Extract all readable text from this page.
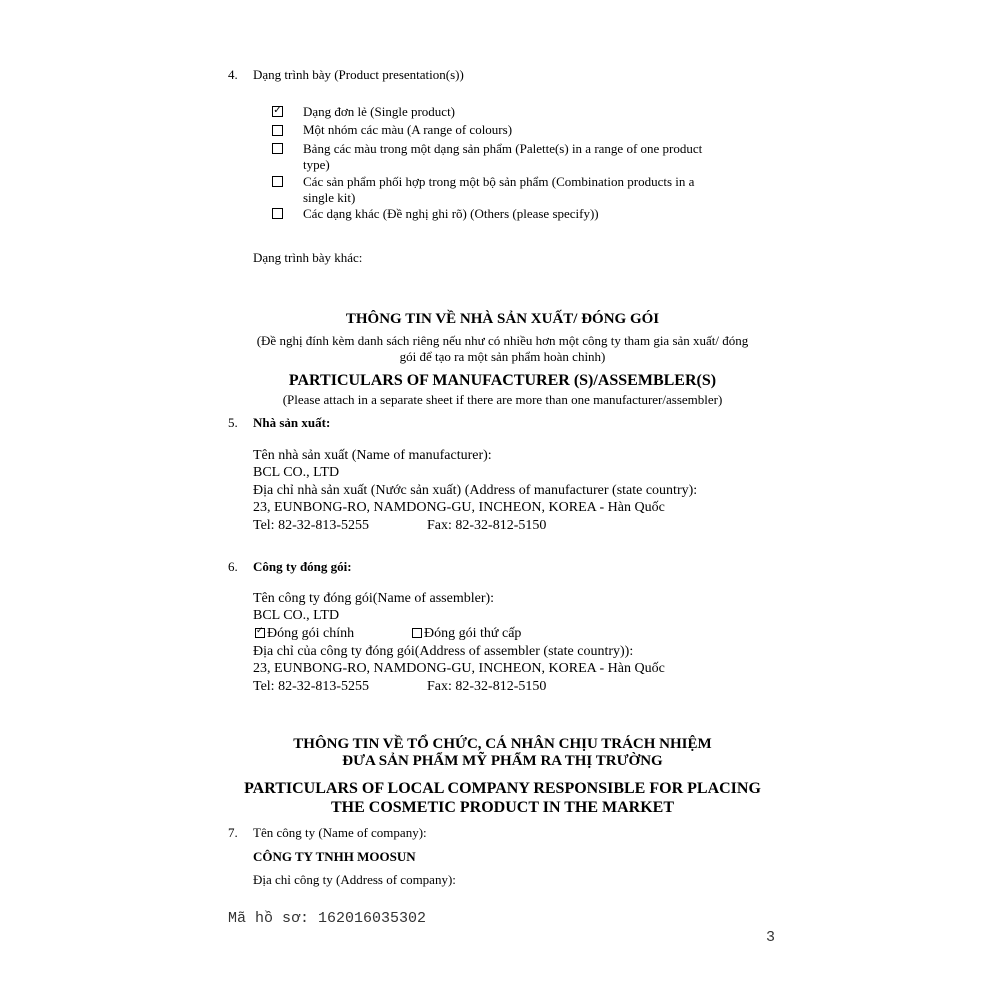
4. Dạng trình bày (Product presentation(s))
✓
Dạng đơn lẻ (Single product)
Một nhóm các màu (A range of colours)
Bảng các màu trong một dạng sản phẩm (Palette(s) in a range of one product
type)
Các sản phẩm phối hợp trong một bộ sản phẩm (Combination products in a
single kit)
Các dạng khác (Đề nghị ghi rõ) (Others (please specify))
Dạng trình bày khác:
THÔNG TIN VỀ NHÀ SẢN XUẤT/ ĐÓNG GÓI
(Đề nghị đính kèm danh sách riêng nếu như có nhiều hơn một công ty tham gia sản xuất/ đóng
gói để tạo ra một sản phẩm hoàn chỉnh)
PARTICULARS OF MANUFACTURER (S)/ASSEMBLER(S)
(Please attach in a separate sheet if there are more than one manufacturer/assembler)
5. Nhà sản xuất:
Tên nhà sản xuất (Name of manufacturer):
BCL CO., LTD
Địa chỉ nhà sản xuất (Nước sản xuất) (Address of manufacturer (state country):
23, EUNBONG-RO, NAMDONG-GU, INCHEON, KOREA - Hàn Quốc
Tel: 82-32-813-5255	Fax: 82-32-812-5150
6. Công ty đóng gói:
Tên công ty đóng gói(Name of assembler):
BCL CO., LTD
✓Đóng gói chính	Đóng gói thứ cấp
Địa chỉ của công ty đóng gói(Address of assembler (state country)):
23, EUNBONG-RO, NAMDONG-GU, INCHEON, KOREA - Hàn Quốc
Tel: 82-32-813-5255	Fax: 82-32-812-5150
THÔNG TIN VỀ TỔ CHỨC, CÁ NHÂN CHỊU TRÁCH NHIỆM
ĐƯA SẢN PHẨM MỸ PHẨM RA THỊ TRƯỜNG
PARTICULARS OF LOCAL COMPANY RESPONSIBLE FOR PLACING
THE COSMETIC PRODUCT IN THE MARKET
7. Tên công ty (Name of company):
CÔNG TY TNHH MOOSUN
Địa chỉ công ty (Address of company):
Mã hồ sơ: 162016035302
3
